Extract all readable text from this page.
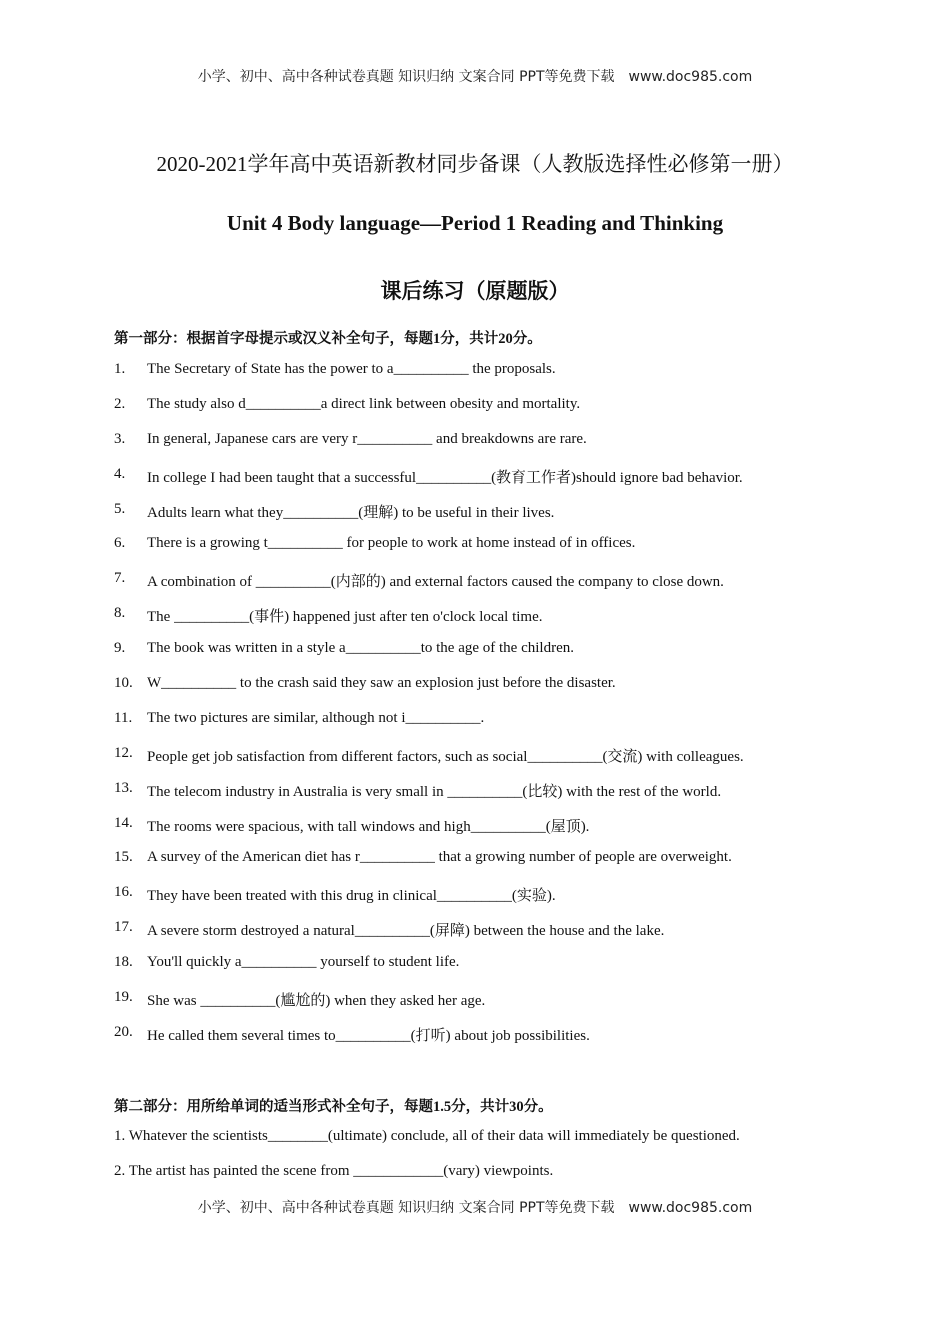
小学、初中、高中各种试卷真题 知识归纳 文案合同 PPT等免费下载　www.doc985.com
2020-2021学年高中英语新教材同步备课（人教版选择性必修第一册）
Unit 4 Body language—Period 1 Reading and Thinking
课后练习（原题版）
第一部分：根据首字母提示或汉义补全句子，每题1分，共计20分。
1. The Secretary of State has the power to a__________ the proposals.
2. The study also d__________a direct link between obesity and mortality.
3. In general, Japanese cars are very r__________ and breakdowns are rare.
4. In college I had been taught that a successful__________(教育工作者)should ignore bad behavior.
5. Adults learn what they__________(理解) to be useful in their lives.
6. There is a growing t__________ for people to work at home instead of in offices.
7. A combination of __________(内部的) and external factors caused the company to close down.
8. The __________(事件) happened just after ten o'clock local time.
9. The book was written in a style a__________to the age of the children.
10. W__________ to the crash said they saw an explosion just before the disaster.
11. The two pictures are similar, although not i__________.
12. People get job satisfaction from different factors, such as social__________(交流) with colleagues.
13. The telecom industry in Australia is very small in __________(比较) with the rest of the world.
14. The rooms were spacious, with tall windows and high__________(屋顶).
15. A survey of the American diet has r__________ that a growing number of people are overweight.
16. They have been treated with this drug in clinical__________(实验).
17. A severe storm destroyed a natural__________(屏障) between the house and the lake.
18. You'll quickly a__________ yourself to student life.
19. She was __________(尴尬的) when they asked her age.
20. He called them several times to__________(打听) about job possibilities.
第二部分：用所给单词的适当形式补全句子，每题1.5分，共计30分。
1. Whatever the scientists________(ultimate) conclude, all of their data will immediately be questioned.
2. The artist has painted the scene from ____________(vary) viewpoints.
小学、初中、高中各种试卷真题 知识归纳 文案合同 PPT等免费下载　www.doc985.com
